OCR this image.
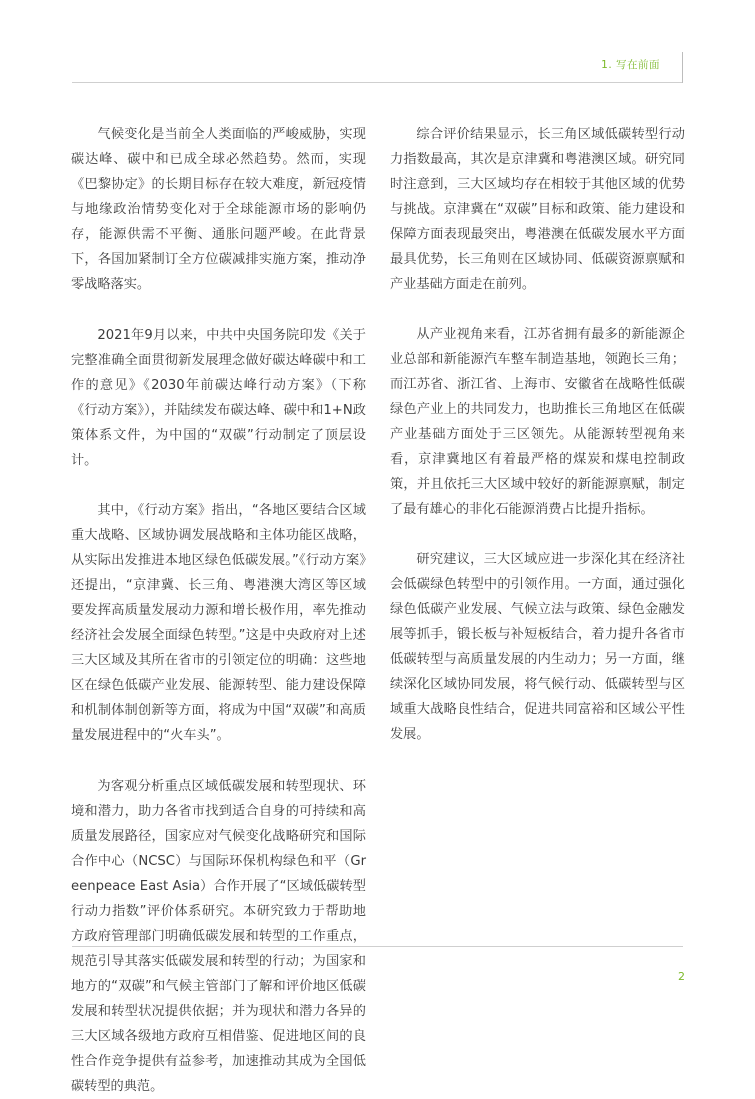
1. 写在前面

气候变化是当前全人类面临的严峻威胁，实现碳达峰、碳中和已成全球必然趋势。然而，实现《巴黎协定》的长期目标存在较大难度，新冠疫情与地缘政治情势变化对于全球能源市场的影响仍存，能源供需不平衡、通胀问题严峻。在此背景下，各国加紧制订全方位碳减排实施方案，推动净零战略落实。

2021年9月以来，中共中央国务院印发《关于完整准确全面贯彻新发展理念做好碳达峰碳中和工作的意见》《2030年前碳达峰行动方案》（下称《行动方案》），并陆续发布碳达峰、碳中和1+N政策体系文件，为中国的“双碳”行动制定了顶层设计。

其中，《行动方案》指出，“各地区要结合区域重大战略、区域协调发展战略和主体功能区战略，从实际出发推进本地区绿色低碳发展。”《行动方案》还提出，“京津冀、长三角、粤港澳大湾区等区域要发挥高质量发展动力源和增长极作用，率先推动经济社会发展全面绿色转型。”这是中央政府对上述三大区域及其所在省市的引领定位的明确：这些地区在绿色低碳产业发展、能源转型、能力建设保障和机制体制创新等方面，将成为中国“双碳”和高质量发展进程中的“火车头”。

为客观分析重点区域低碳发展和转型现状、环境和潜力，助力各省市找到适合自身的可持续和高质量发展路径，国家应对气候变化战略研究和国际合作中心（NCSC）与国际环保机构绿色和平（Greenpeace East Asia）合作开展了“区域低碳转型行动力指数”评价体系研究。本研究致力于帮助地方政府管理部门明确低碳发展和转型的工作重点，规范引导其落实低碳发展和转型的行动；为国家和地方的“双碳”和气候主管部门了解和评价地区低碳发展和转型状况提供依据；并为现状和潜力各异的三大区域各级地方政府互相借鉴、促进地区间的良性合作竞争提供有益参考，加速推动其成为全国低碳转型的典范。

综合评价结果显示，长三角区域低碳转型行动力指数最高，其次是京津冀和粤港澳区域。研究同时注意到，三大区域均存在相较于其他区域的优势与挑战。京津冀在“双碳”目标和政策、能力建设和保障方面表现最突出，粤港澳在低碳发展水平方面最具优势，长三角则在区域协同、低碳资源禀赋和产业基础方面走在前列。

从产业视角来看，江苏省拥有最多的新能源企业总部和新能源汽车整车制造基地，领跑长三角；而江苏省、浙江省、上海市、安徽省在战略性低碳绿色产业上的共同发力，也助推长三角地区在低碳产业基础方面处于三区领先。从能源转型视角来看，京津冀地区有着最严格的煤炭和煤电控制政策，并且依托三大区域中较好的新能源禀赋，制定了最有雄心的非化石能源消费占比提升指标。

研究建议，三大区域应进一步深化其在经济社会低碳绿色转型中的引领作用。一方面，通过强化绿色低碳产业发展、气候立法与政策、绿色金融发展等抓手，锻长板与补短板结合，着力提升各省市低碳转型与高质量发展的内生动力；另一方面，继续深化区域协同发展，将气候行动、低碳转型与区域重大战略良性结合，促进共同富裕和区域公平性发展。

2
